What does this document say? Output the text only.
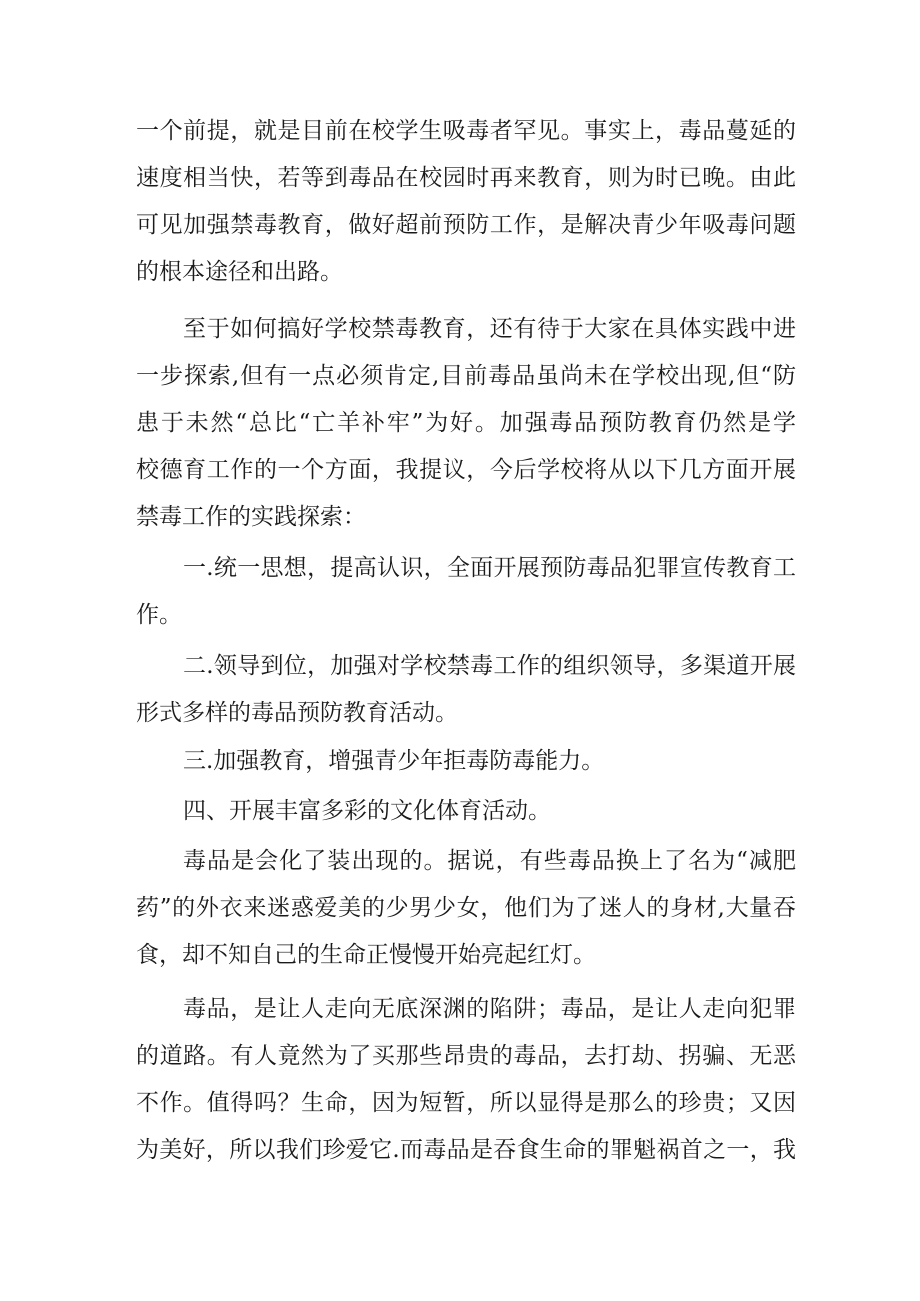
一个前提，就是目前在校学生吸毒者罕见。事实上，毒品蔓延的
速度相当快，若等到毒品在校园时再来教育，则为时已晚。由此
可见加强禁毒教育，做好超前预防工作，是解决青少年吸毒问题
的根本途径和出路。
至于如何搞好学校禁毒教育，还有待于大家在具体实践中进
一步探索,但有一点必须肯定,目前毒品虽尚未在学校出现,但“防
患于未然“总比“亡羊补牢”为好。加强毒品预防教育仍然是学
校德育工作的一个方面，我提议，今后学校将从以下几方面开展
禁毒工作的实践探索：
一.统一思想，提高认识，全面开展预防毒品犯罪宣传教育工
作。
二.领导到位，加强对学校禁毒工作的组织领导，多渠道开展
形式多样的毒品预防教育活动。
三.加强教育，增强青少年拒毒防毒能力。
四、开展丰富多彩的文化体育活动。
毒品是会化了装出现的。据说，有些毒品换上了名为“减肥
药”的外衣来迷惑爱美的少男少女，他们为了迷人的身材,大量吞
食，却不知自己的生命正慢慢开始亮起红灯。
毒品，是让人走向无底深渊的陷阱；毒品，是让人走向犯罪
的道路。有人竟然为了买那些昂贵的毒品，去打劫、拐骗、无恶
不作。值得吗？生命，因为短暂，所以显得是那么的珍贵；又因
为美好，所以我们珍爱它.而毒品是吞食生命的罪魁祸首之一，我
